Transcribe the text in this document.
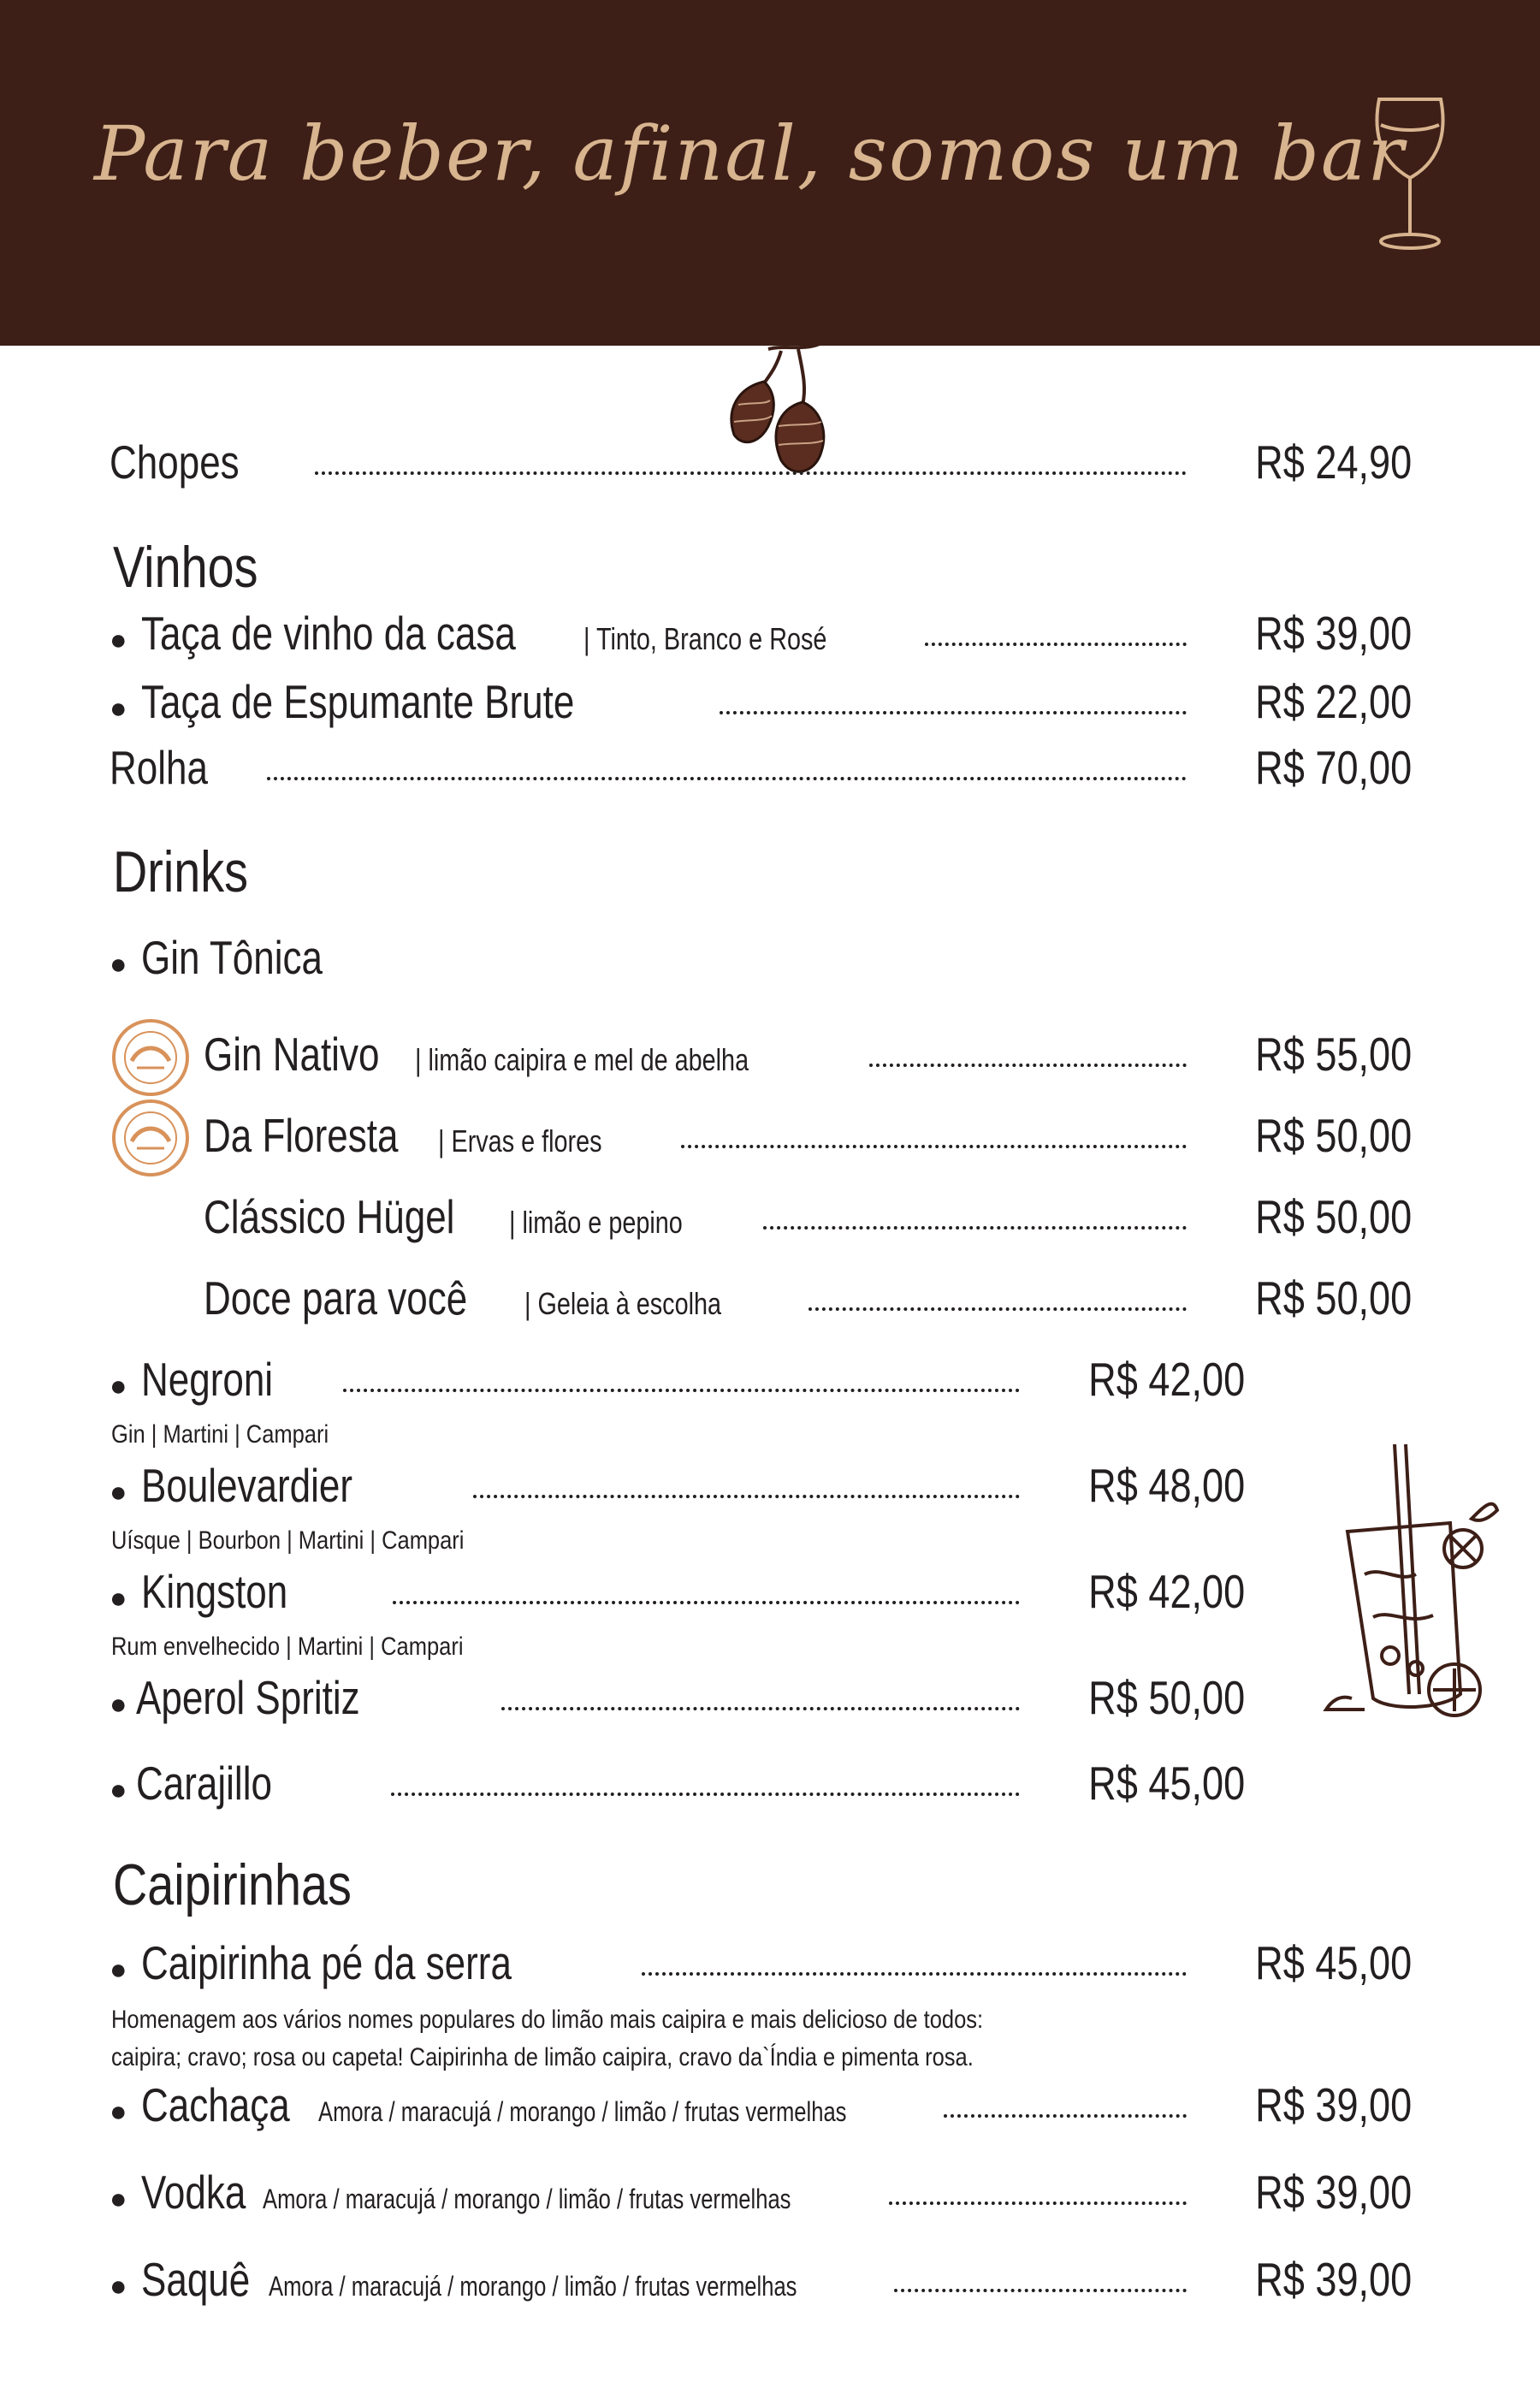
Para beber, afinal, somos um bar
Chopes	R$ 24,90
Vinhos
● Taça de vinho da casa | Tinto, Branco e Rosé	R$ 39,00
● Taça de Espumante Brute	R$ 22,00
Rolha	R$ 70,00
Drinks
● Gin Tônica
Gin Nativo | limão caipira e mel de abelha	R$ 55,00
Da Floresta | Ervas e flores	R$ 50,00
Clássico Hügel | limão e pepino	R$ 50,00
Doce para você | Geleia à escolha	R$ 50,00
● Negroni	R$ 42,00
Gin | Martini | Campari
● Boulevardier	R$ 48,00
Uísque | Bourbon | Martini | Campari
● Kingston	R$ 42,00
Rum envelhecido | Martini | Campari
● Aperol Spritiz	R$ 50,00
● Carajillo	R$ 45,00
Caipirinhas
● Caipirinha pé da serra	R$ 45,00
Homenagem aos vários nomes populares do limão mais caipira e mais delicioso de todos:
caipira; cravo; rosa ou capeta! Caipirinha de limão caipira, cravo da`Índia e pimenta rosa.
● Cachaça Amora / maracujá / morango / limão / frutas vermelhas	R$ 39,00
● Vodka Amora / maracujá / morango / limão / frutas vermelhas	R$ 39,00
● Saquê Amora / maracujá / morango / limão / frutas vermelhas	R$ 39,00
